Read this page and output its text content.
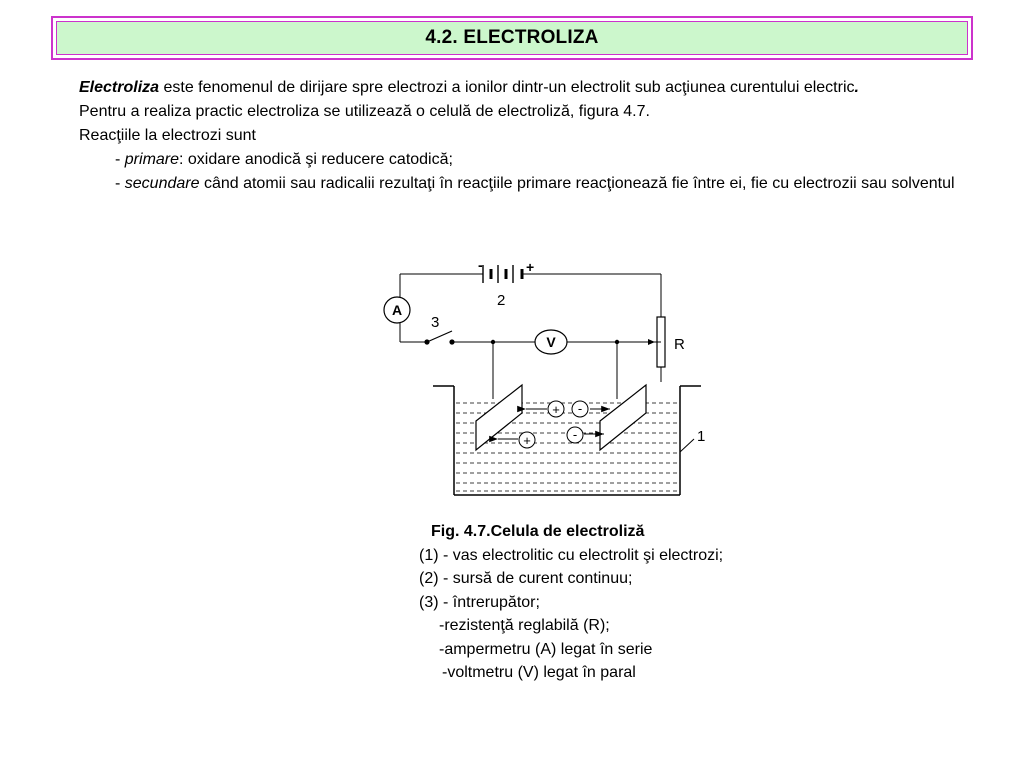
4.2. ELECTROLIZA

Electroliza este fenomenul de dirijare spre electrozi a ionilor dintr-un electrolit sub acţiunea curentului electric.

Pentru a realiza practic electroliza se utilizează o celulă de electroliză, figura 4.7.

Reacţiile la electrozi sunt

- primare: oxidare anodică şi reducere catodică;

- secundare când atomii sau radicalii rezultaţi în reacţiile primare reacţionează fie între ei, fie cu electrozii sau solventul

-	+
2
A
3
V	R
1
+ -
+	-
Fig. 4.7.Celula de electroliză
(1) - vas electrolitic cu electrolit şi electrozi;
(2) - sursă de curent continuu;
(3) - întrerupător;
-rezistenţă reglabilă (R);
-ampermetru (A) legat în serie
-voltmetru (V) legat în paral
